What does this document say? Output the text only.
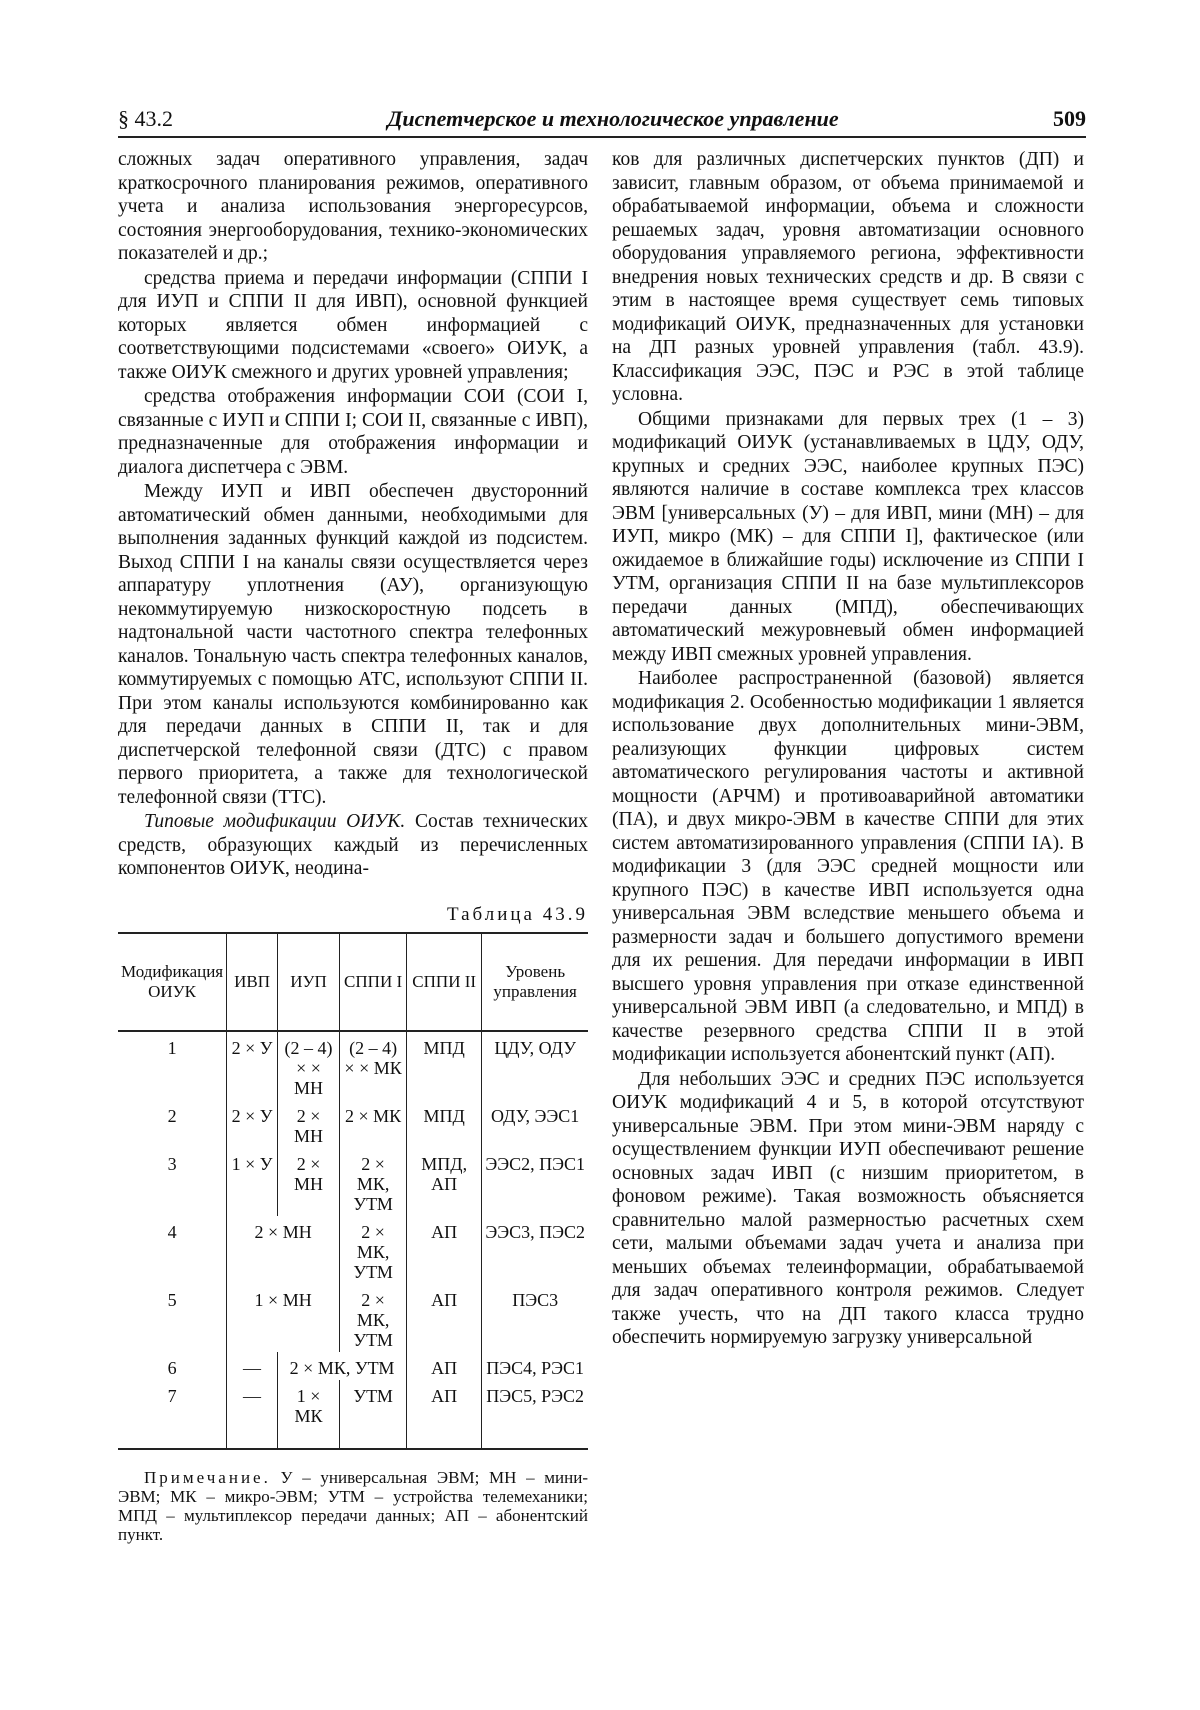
§ 43.2	Диспетчерское и технологическое управление	509

сложных задач оперативного управления, задач краткосрочного планирования режимов, оперативного учета и анализа использования энергоресурсов, состояния энергооборудования, технико-экономических показателей и др.;

средства приема и передачи информации (СППИ I для ИУП и СППИ II для ИВП), основной функцией которых является обмен информацией с соответствующими подсистемами «своего» ОИУК, а также ОИУК смежного и других уровней управления;

средства отображения информации СОИ (СОИ I, связанные с ИУП и СППИ I; СОИ II, связанные с ИВП), предназначенные для отображения информации и диалога диспетчера с ЭВМ.

Между ИУП и ИВП обеспечен двусторонний автоматический обмен данными, необходимыми для выполнения заданных функций каждой из подсистем. Выход СППИ I на каналы связи осуществляется через аппаратуру уплотнения (АУ), организующую некоммутируемую низкоскоростную подсеть в надтональной части частотного спектра телефонных каналов. Тональную часть спектра телефонных каналов, коммутируемых с помощью АТС, используют СППИ II. При этом каналы используются комбинированно как для передачи данных в СППИ II, так и для диспетчерской телефонной связи (ДТС) с правом первого приоритета, а также для технологической телефонной связи (ТТС).

Типовые модификации ОИУК. Состав технических средств, образующих каждый из перечисленных компонентов ОИУК, неодина-

Таблица 43.9
Модификация ОИУК	ИВП	ИУП	СППИ I	СППИ II	Уровень управления
1	2 × У	(2 – 4) × × МН	(2 – 4) × × МК	МПД	ЦДУ, ОДУ
2	2 × У	2 × МН	2 × МК	МПД	ОДУ, ЭЭС1
3	1 × У	2 × МН	2 × МК, УТМ	МПД, АП	ЭЭС2, ПЭС1
4	2 × МН		2 × МК, УТМ	АП	ЭЭС3, ПЭС2
5	1 × МН		2 × МК, УТМ	АП	ПЭС3
6	—	2 × МК, УТМ		АП	ПЭС4, РЭС1
7	—	1 × МК	УТМ	АП	ПЭС5, РЭС2
Примечание. У – универсальная ЭВМ; МН – мини-ЭВМ; МК – микро-ЭВМ; УТМ – устройства телемеханики; МПД – мультиплексор передачи данных; АП – абонентский пункт.

ков для различных диспетчерских пунктов (ДП) и зависит, главным образом, от объема принимаемой и обрабатываемой информации, объема и сложности решаемых задач, уровня автоматизации основного оборудования управляемого региона, эффективности внедрения новых технических средств и др. В связи с этим в настоящее время существует семь типовых модификаций ОИУК, предназначенных для установки на ДП разных уровней управления (табл. 43.9). Классификация ЭЭС, ПЭС и РЭС в этой таблице условна.

Общими признаками для первых трех (1 – 3) модификаций ОИУК (устанавливаемых в ЦДУ, ОДУ, крупных и средних ЭЭС, наиболее крупных ПЭС) являются наличие в составе комплекса трех классов ЭВМ [универсальных (У) – для ИВП, мини (МН) – для ИУП, микро (МК) – для СППИ I], фактическое (или ожидаемое в ближайшие годы) исключение из СППИ I УТМ, организация СППИ II на базе мультиплексоров передачи данных (МПД), обеспечивающих автоматический межуровневый обмен информацией между ИВП смежных уровней управления.

Наиболее распространенной (базовой) является модификация 2. Особенностью модификации 1 является использование двух дополнительных мини-ЭВМ, реализующих функции цифровых систем автоматического регулирования частоты и активной мощности (АРЧМ) и противоаварийной автоматики (ПА), и двух микро-ЭВМ в качестве СППИ для этих систем автоматизированного управления (СППИ IA). В модификации 3 (для ЭЭС средней мощности или крупного ПЭС) в качестве ИВП используется одна универсальная ЭВМ вследствие меньшего объема и размерности задач и большего допустимого времени для их решения. Для передачи информации в ИВП высшего уровня управления при отказе единственной универсальной ЭВМ ИВП (а следовательно, и МПД) в качестве резервного средства СППИ II в этой модификации используется абонентский пункт (АП).

Для небольших ЭЭС и средних ПЭС используется ОИУК модификаций 4 и 5, в которой отсутствуют универсальные ЭВМ. При этом мини-ЭВМ наряду с осуществлением функции ИУП обеспечивают решение основных задач ИВП (с низшим приоритетом, в фоновом режиме). Такая возможность объясняется сравнительно малой размерностью расчетных схем сети, малыми объемами задач учета и анализа при меньших объемах телеинформации, обрабатываемой для задач оперативного контроля режимов. Следует также учесть, что на ДП такого класса трудно обеспечить нормируемую загрузку универсальной
